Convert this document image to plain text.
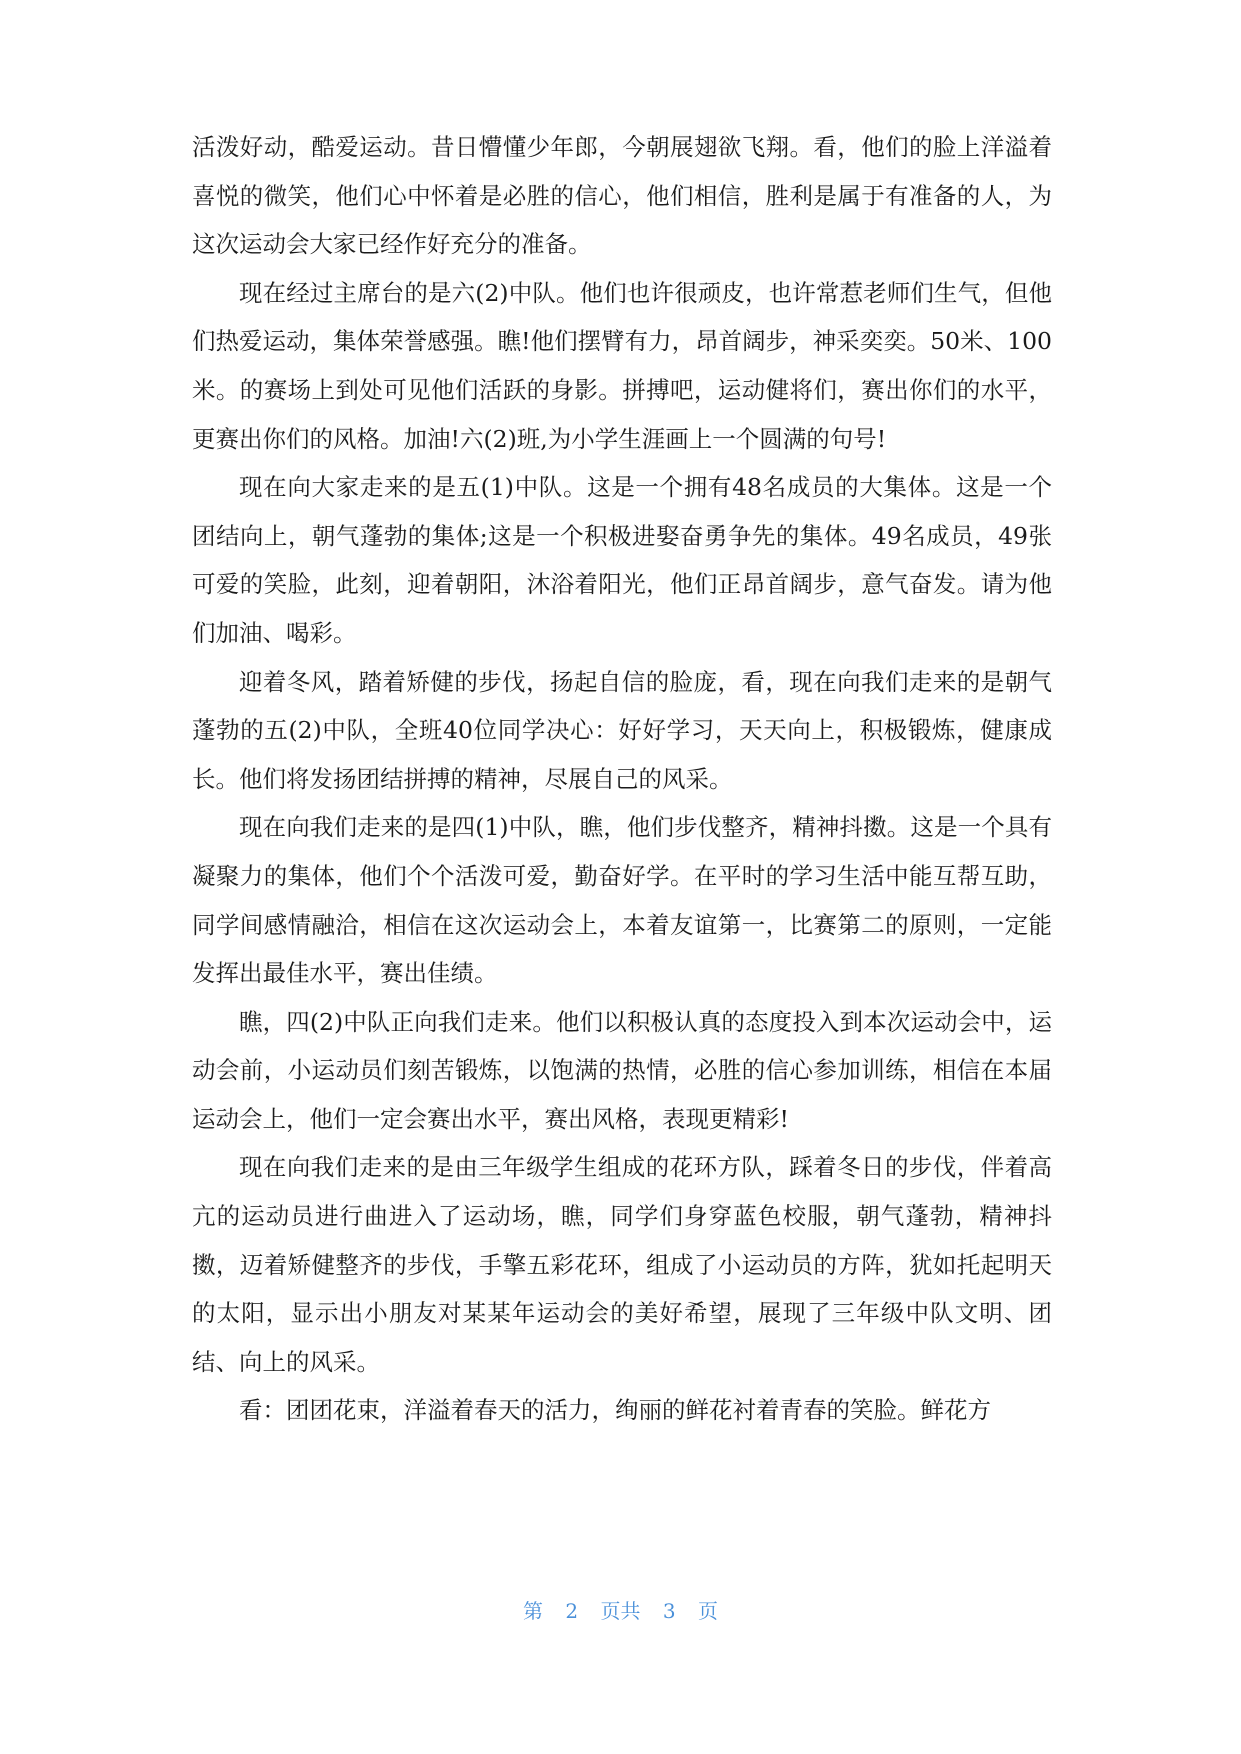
活泼好动，酷爱运动。昔日懵懂少年郎，今朝展翅欲飞翔。看，他们的脸上洋溢着喜悦的微笑，他们心中怀着是必胜的信心，他们相信，胜利是属于有准备的人，为这次运动会大家已经作好充分的准备。

现在经过主席台的是六(2)中队。他们也许很顽皮，也许常惹老师们生气，但他们热爱运动，集体荣誉感强。瞧!他们摆臂有力，昂首阔步，神采奕奕。50米、100米。的赛场上到处可见他们活跃的身影。拼搏吧，运动健将们，赛出你们的水平，更赛出你们的风格。加油!六(2)班,为小学生涯画上一个圆满的句号!

现在向大家走来的是五(1)中队。这是一个拥有48名成员的大集体。这是一个团结向上，朝气蓬勃的集体;这是一个积极进娶奋勇争先的集体。49名成员，49张可爱的笑脸，此刻，迎着朝阳，沐浴着阳光，他们正昂首阔步，意气奋发。请为他们加油、喝彩。

迎着冬风，踏着矫健的步伐，扬起自信的脸庞，看，现在向我们走来的是朝气蓬勃的五(2)中队，全班40位同学决心：好好学习，天天向上，积极锻炼，健康成长。他们将发扬团结拼搏的精神，尽展自己的风采。

现在向我们走来的是四(1)中队，瞧，他们步伐整齐，精神抖擞。这是一个具有凝聚力的集体，他们个个活泼可爱，勤奋好学。在平时的学习生活中能互帮互助，同学间感情融洽，相信在这次运动会上，本着友谊第一，比赛第二的原则，一定能发挥出最佳水平，赛出佳绩。

瞧，四(2)中队正向我们走来。他们以积极认真的态度投入到本次运动会中，运动会前，小运动员们刻苦锻炼，以饱满的热情，必胜的信心参加训练，相信在本届运动会上，他们一定会赛出水平，赛出风格，表现更精彩!

现在向我们走来的是由三年级学生组成的花环方队，踩着冬日的步伐，伴着高亢的运动员进行曲进入了运动场，瞧，同学们身穿蓝色校服，朝气蓬勃，精神抖擞，迈着矫健整齐的步伐，手擎五彩花环，组成了小运动员的方阵，犹如托起明天的太阳，显示出小朋友对某某年运动会的美好希望，展现了三年级中队文明、团结、向上的风采。

看：团团花束，洋溢着春天的活力，绚丽的鲜花衬着青春的笑脸。鲜花方

第 2 页共 3 页
